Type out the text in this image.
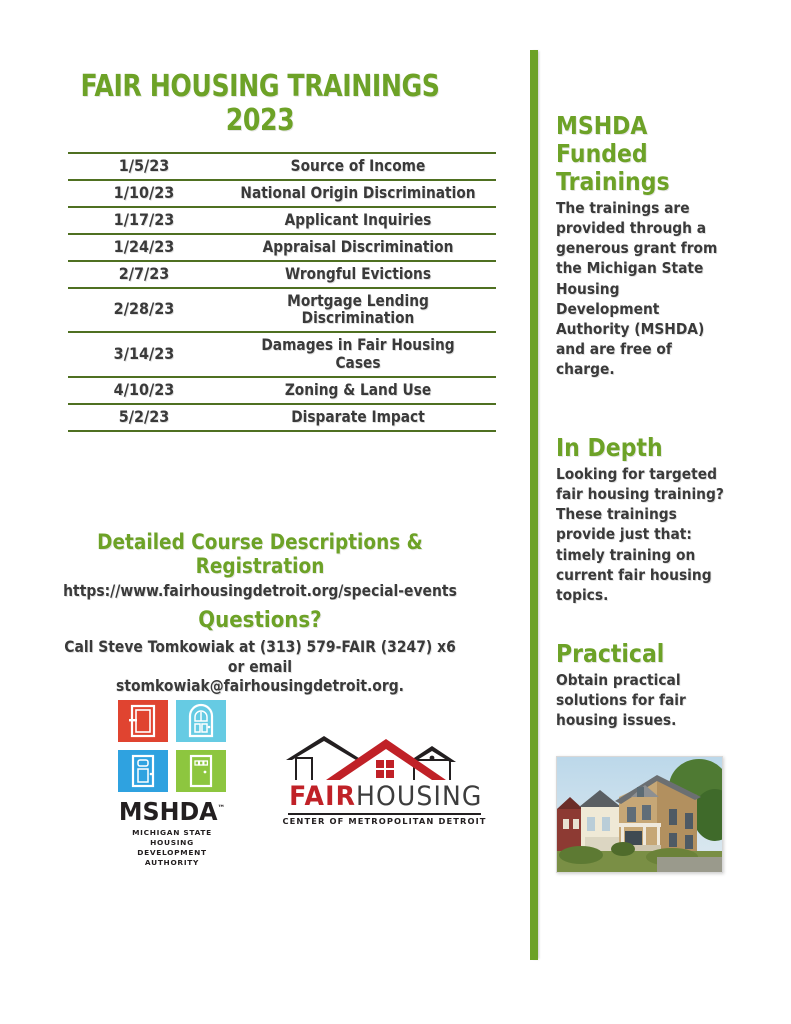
FAIR HOUSING TRAININGS
2023
1/5/23	Source of Income
1/10/23	National Origin Discrimination
1/17/23	Applicant Inquiries
1/24/23	Appraisal Discrimination
2/7/23	Wrongful Evictions
2/28/23	Mortgage Lending Discrimination
3/14/23	Damages in Fair Housing Cases
4/10/23	Zoning & Land Use
5/2/23	Disparate Impact

Detailed Course Descriptions & Registration
https://www.fairhousingdetroit.org/special-events
Questions?
Call Steve Tomkowiak at (313) 579-FAIR (3247) x6 or email
stomkowiak@fairhousingdetroit.org.
MSHDA™
MICHIGAN STATE HOUSING
DEVELOPMENT AUTHORITY
FAIRHOUSING
CENTER OF METROPOLITAN DETROIT
MSHDA Funded Trainings
The trainings are provided through a generous grant from the Michigan State Housing Development Authority (MSHDA) and are free of charge.
In Depth
Looking for targeted fair housing training? These trainings provide just that: timely training on current fair housing topics.
Practical
Obtain practical solutions for fair housing issues.
